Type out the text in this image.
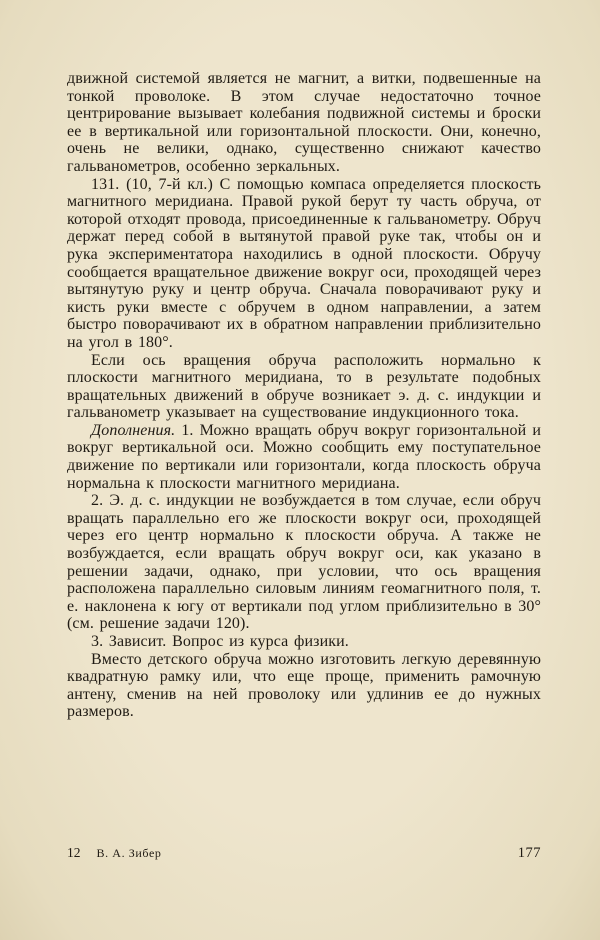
движной системой является не магнит, а витки, подвешенные на тонкой проволоке. В этом случае недостаточно точное центрирование вызывает колебания подвижной системы и броски ее в вертикальной или горизонтальной плоскости. Они, конечно, очень не велики, однако, существенно снижают качество гальванометров, особенно зеркальных.

131. (10, 7-й кл.) С помощью компаса определяется плоскость магнитного меридиана. Правой рукой берут ту часть обруча, от которой отходят провода, присоединенные к гальванометру. Обруч держат перед собой в вытянутой правой руке так, чтобы он и рука экспериментатора находились в одной плоскости. Обручу сообщается вращательное движение вокруг оси, проходящей через вытянутую руку и центр обруча. Сначала поворачивают руку и кисть руки вместе с обручем в одном направлении, а затем быстро поворачивают их в обратном направлении приблизительно на угол в 180°.

Если ось вращения обруча расположить нормально к плоскости магнитного меридиана, то в результате подобных вращательных движений в обруче возникает э. д. с. индукции и гальванометр указывает на существование индукционного тока.

Дополнения. 1. Можно вращать обруч вокруг горизонтальной и вокруг вертикальной оси. Можно сообщить ему поступательное движение по вертикали или горизонтали, когда плоскость обруча нормальна к плоскости магнитного меридиана.

2. Э. д. с. индукции не возбуждается в том случае, если обруч вращать параллельно его же плоскости вокруг оси, проходящей через его центр нормально к плоскости обруча. А также не возбуждается, если вращать обруч вокруг оси, как указано в решении задачи, однако, при условии, что ось вращения расположена параллельно силовым линиям геомагнитного поля, т. е. наклонена к югу от вертикали под углом приблизительно в 30° (см. решение задачи 120).

3. Зависит. Вопрос из курса физики.

Вместо детского обруча можно изготовить легкую деревянную квадратную рамку или, что еще проще, применить рамочную антену, сменив на ней проволоку или удлинив ее до нужных размеров.

12 В. А. Зибер	177
